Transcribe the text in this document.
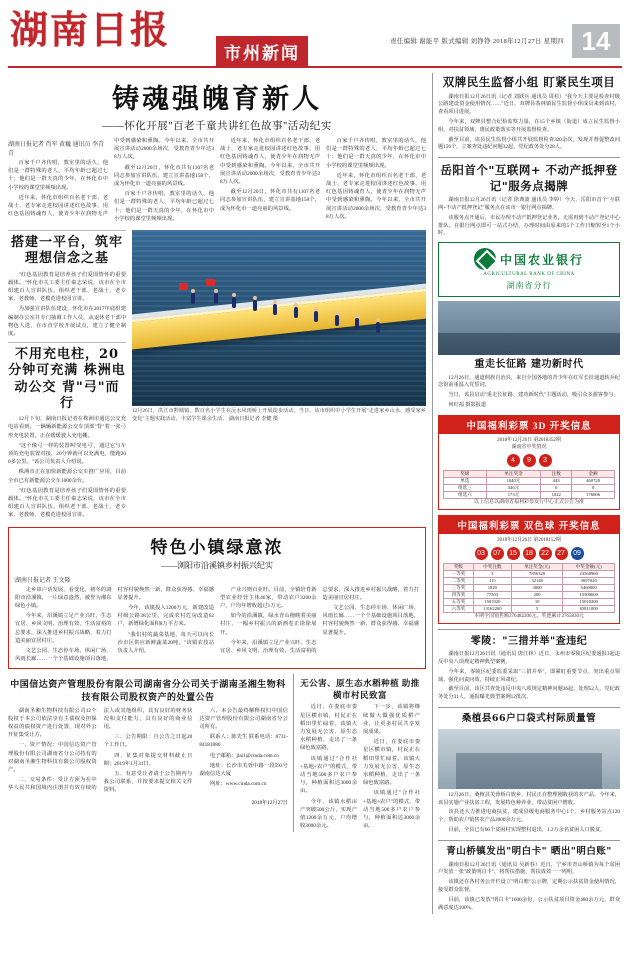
湖南日报
市州新闻
责任编辑 谢能平 版式编辑 刘铮铮 2018年12月27日 星期四 14
铸魂强魄育新人
——怀化开展"百老千童共讲红色故事"活动纪实
湖南日报记者 肖军 黄巍 通讯员 李青青

百家千户齐传唱，教室里的话久，他们是一群特殊的老人，平均年龄已超过七十；他们是一群天真的少年，在怀化市中小学校的课堂里频频出现。

近年来，怀化市组织百名老干部、老战士、老专家走进校园讲述红色故事，用红色基因铸魂育人，使青少年在润物无声中受到感染和熏陶。今年以来，全市共开展宣讲活动2000余场次，受教育青少年达38万人次。

截至12月20日，怀化市共有1107名老同志参加宣讲队伍，建立宣讲基地158个，成为怀化市一道亮丽的风景线。

百家千户齐传唱，教室里的话久，他们是一群特殊的老人，平均年龄已超过七十；他们是一群天真的少年，在怀化市中小学校的课堂里频频出现。

近年来，怀化市组织百名老干部、老战士、老专家走进校园讲述红色故事，用红色基因铸魂育人，使青少年在润物无声中受到感染和熏陶。今年以来，全市共开展宣讲活动2000余场次，受教育青少年达38万人次。

截至12月20日，怀化市共有1107名老同志参加宣讲队伍，建立宣讲基地158个，成为怀化市一道亮丽的风景线。

百家千户齐传唱，教室里的话久，他们是一群特殊的老人，平均年龄已超过七十；他们是一群天真的少年，在怀化市中小学校的课堂里频频出现。

近年来，怀化市组织百名老干部、老战士、老专家走进校园讲述红色故事，用红色基因铸魂育人，使青少年在润物无声中受到感染和熏陶。今年以来，全市共开展宣讲活动2000余场次，受教育青少年达38万人次。

搭建一平台，筑牢理想信念之基

"红色基因教育是培养孩子们爱国情怀的重要载体。"怀化市关工委主任秦志荣说，该市在全市组建百人宣讲队伍，组织老干部、老战士、老专家、老教师、老模范进校园宣讲。

为加强宣讲队伍建设，怀化市在2017年底组建编制办公室并专门抽调工作人员，从退休老干部中物色人选，在市直学校开展试点，建立了健全制度。

不用充电柱，20分钟可充满 株洲电动公交 背"弓"而行

12月下旬，湖南日报记者在株洲市通达公交充电站看到，一辆辆新能源公交车顶部"背"着一张弓形充电装置，正在缓缓驶入充电棚。

"这个像弓一样的装置叫'受电弓'，通过它与车顶的充电装置对接，20分钟就可以充满电，能跑200多公里。"该公司负责人介绍说。

株洲市正在加快新能源公交车推广应用，目前全市已有新能源公交车1000余台。

"红色基因教育是培养孩子们爱国情怀的重要载体。"怀化市关工委主任秦志荣说，该市在全市组建百人宣讲队伍，组织老干部、老战士、老专家、老教师、老模范进校园宣讲。

12月26日，洪江市黔城镇，数百名小学生在沅水风雨桥上开展徒步活动。当日，该市组织中小学生开展"走进家乡山水、感受家乡变化"主题实践活动，丰富学生课余生活。 湖南日报记者 李健 摄
特色小镇绿意浓
——浏阳市沿溪镇乡村振兴纪实
湖南日报记者 王文隆

走乡串户话发展、看变化，初冬的浏阳市沿溪镇，一片绿意盎然，被誉为湘东绿色小镇。

今年来，沿溪镇立足产业兴旺、生态宜居、乡风文明、治理有效、生活富裕的总要求，深入推进乡村振兴战略，着力打造美丽宜居村庄。

文艺公园、生态停车场、休闲广场、风雨长廊……一个个基础设施项目落地，村容村貌焕然一新，群众获得感、幸福感显著提升。

今年，该镇投入1200万元，新建改造村级公路38公里，完成农村危房改造62户，新增绿化面积8万平方米。

"我们村的蔬菜基地，每天可以向长沙市区供应新鲜蔬菜20吨。"该镇农技站负责人介绍。

产业兴则百业旺。目前，全镇培育新型农业经营主体46家，带动农户3200余户，户均年增收超过1万元。

如今的沿溪镇，绿水青山掩映着美丽村庄，一幅乡村振兴的新画卷正徐徐展开。

今年来，沿溪镇立足产业兴旺、生态宜居、乡风文明、治理有效、生活富裕的总要求，深入推进乡村振兴战略，着力打造美丽宜居村庄。

文艺公园、生态停车场、休闲广场、风雨长廊……一个个基础设施项目落地，村容村貌焕然一新，群众获得感、幸福感显著提升。

中国信达资产管理股份有限公司湖南省分公司关于湖南圣湘生物科技有限公司股权资产的处置公告

湖南圣湘生物科技有限公司12个股权于本公司依法享有主债权及担保权益的债权资产进行处置，现对外公开征集受让方。

一、资产情况：中国信达资产管理股份有限公司湖南省分公司持有的对湖南圣湘生物科技有限公司股权资产。

二、交易条件：受让方须为在中华人民共和国境内注册并有效存续的法人或其他组织，具有良好的财务状况和支付能力，具有良好的商业信用。

三、公告期限：自公告之日起20个工作日。

四、征集对象提交材料截止日期：2019年1月31日。

五、有意受让者请于公告期内与我公司联系，并按要求提交相关文件资料。

六、本公告最终解释权归中国信达资产管理股份有限公司湖南省分公司所有。

联系人：陈先生 联系电话：0731-84181880

电子邮箱：jlai1@cinda.com.cn

地址：长沙市芙蓉中路一段593号湖南信达大厦

网址：www.cinda.com.cn

2018年12月27日
无公害、原生态水稻种植 助推横市村民致富

近日，在娄底市娄星区横市镇，村民正在稻田里忙碌着。该镇大力发展无公害、原生态水稻种植，走出了一条绿色致富路。

该镇通过"合作社+基地+农户"的模式，带动当地500多户农户参与，种植面积达3000余亩。

今年，该镇水稻亩产突破500公斤，实现产值1200余万元，户均增收3000余元。

下一步，该镇将继续做大做强优质稻产业，让更多村民共享发展成果。

近日，在娄底市娄星区横市镇，村民正在稻田里忙碌着。该镇大力发展无公害、原生态水稻种植，走出了一条绿色致富路。

该镇通过"合作社+基地+农户"的模式，带动当地500多户农户参与，种植面积达3000余亩。

双牌民生监督小组 盯紧民生项目

湖南日报12月26日讯（记者 刘跃兵 通讯员 周杉）"我今天主要是检查村级公路建设资金使用情况……"近日，双牌县茶林镇民生监督小组成员来到该村，查看项目进展。

今年来，双牌县整合纪检监察力量，在15个乡镇（街道）成立民生监督小组，对扶贫领域、惠民政策落实等开展监督检查。

截至目前，该县民生监督小组共开展监督检查320余次，发现并督促整改问题156个，立案查处违纪问题32起，党纪政务处分28人。

岳阳首个"互联网+ 不动产抵押登记"服务点揭牌

湖南日报12月26日讯（记者 徐典波 通讯员 李婷）今天，岳阳市首个"互联网+不动产抵押登记"服务点在该市一银行网点揭牌。

该服务点开通后，市民办理不动产抵押登记业务，无需再到不动产登记中心排队，在银行网点即可一站式办结，办理时间由原来的5个工作日缩短至1个小时。

中国农业银行
AGRICULTURAL BANK OF CHINA
湖南省分行
重走长征路 建功新时代

12月26日，通道侗族自治县，来自全国各地的青少年在红军长征通道转兵纪念馆前重温入党誓词。

当日，该县启动"重走长征路、建功新时代"主题活动，吸引众多游客参与。

何红福 摄影报道

中国福利彩票 3D 开奖信息
2018年12月26日 第2018352期
湖南省中奖情况
4	9	3
奖级	单注奖金	注数	金额
单选	1040元	443	460720
组选三	346元	0	0
组选六	173元	1022	176806
以上信息以湖南省福利彩票发行中心正式公告为准
中国福利彩票 双色球 开奖信息
2018年12月26日 第2018152期
03	07	15	18	22	27	09
奖级	中奖注数	单注奖金(元)	中奖金额(元)
一等奖	3	7856320	23568960
二等奖	115	32148	3697020
三等奖	1820	3000	5460000
四等奖	77503	200	15500600
五等奖	1501020	10	15010200
六等奖	13162200	5	65811000
本期全国销售额376482206元，奖池累计2765830元
零陵："三措并举"查违纪

湖南日报12月26日讯（通讯员 唐江林）近日，永州市零陵区纪委通报3起违反中央八项规定精神典型案例。

今年来，零陵区纪委监委采取"三措并举"，即紧盯重要节点、突出重点领域、强化问责问效，持续正风肃纪。

截至目前，该区共查处违反中央八项规定精神问题36起，处理52人，党纪政务处分31人，通报曝光典型案例12批次。

桑植县66户口袋式村际质量管

12月26日，桑植县芙蓉桥白族乡，村民正在整理刚收获的农产品。今年来，该县实施产业扶贫工程，发展特色种养业，带动贫困户增收。

该县还大力推进电商扶贫，建成县级电商服务中心1个、乡村服务站点120个，帮助农户销售农产品2000余万元。

目前，全县已有66个贫困村实现整村退出，1.2万余名贫困人口脱贫。

青山桥镇发出"明白卡" 晒出"明白账"

湖南日报12月26日讯（通讯员 吴新春）近日，宁乡市青山桥镇为每个贫困户发放一张"政策明白卡"，将帮扶措施、帮扶成效一一列明。

该镇还在各村务公开栏设立"明白账"公示牌，定期公示扶贫资金使用情况，接受群众监督。

目前，该镇已发放"明白卡"1600余份，公示扶贫项目资金480余万元，群众满意度达100%。
